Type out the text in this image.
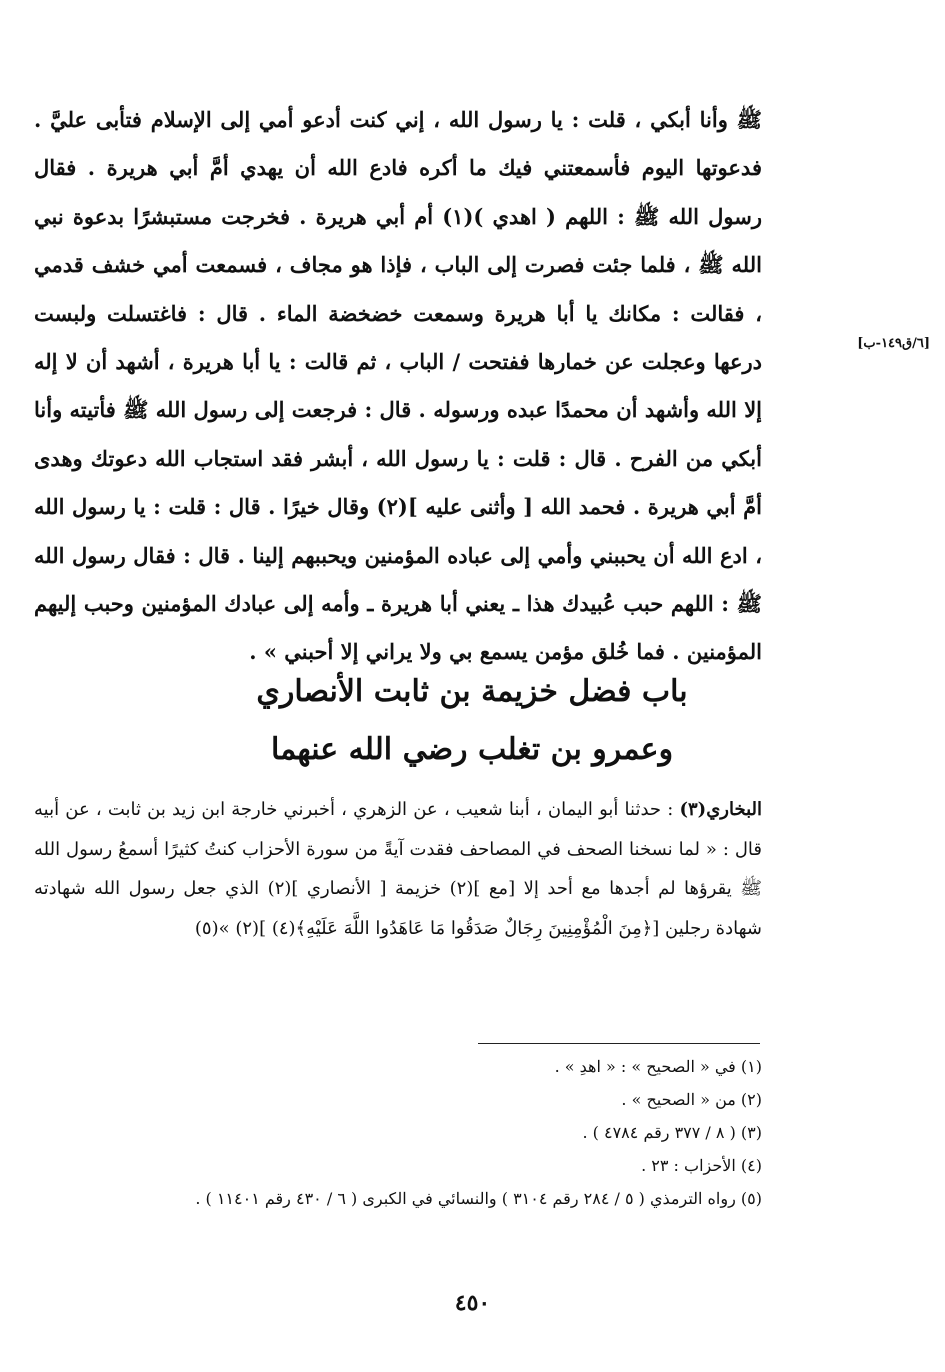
ﷺ وأنا أبكي ، قلت : يا رسول الله ، إني كنت أدعو أمي إلى الإسلام فتأبى عليَّ . فدعوتها اليوم فأسمعتني فيك ما أكره فادع الله أن يهدي أمَّ أبي هريرة . فقال رسول الله ﷺ : اللهم ( اهدي )(١) أم أبي هريرة . فخرجت مستبشرًا بدعوة نبي الله ﷺ ، فلما جئت فصرت إلى الباب ، فإذا هو مجاف ، فسمعت أمي خشف قدمي ، فقالت : مكانك يا أبا هريرة وسمعت خضخضة الماء . قال : فاغتسلت ولبست درعها وعجلت عن خمارها ففتحت / الباب ، ثم قالت : يا أبا هريرة ، أشهد أن لا إله إلا الله وأشهد أن محمدًا عبده ورسوله . قال : فرجعت إلى رسول الله ﷺ فأتيته وأنا أبكي من الفرح . قال : قلت : يا رسول الله ، أبشر فقد استجاب الله دعوتك وهدى أمَّ أبي هريرة . فحمد الله [ وأثنى عليه ](٢) وقال خيرًا . قال : قلت : يا رسول الله ، ادع الله أن يحببني وأمي إلى عباده المؤمنين ويحببهم إلينا . قال : فقال رسول الله ﷺ : اللهم حبب عُبيدك هذا ـ يعني أبا هريرة ـ وأمه إلى عبادك المؤمنين وحبب إليهم المؤمنين . فما خُلق مؤمن يسمع بي ولا يراني إلا أحبني » .

[٦/ق١٤٩-ب]
باب فضل خزيمة بن ثابت الأنصاري
وعمرو بن تغلب رضي الله عنهما

البخاري(٣) : حدثنا أبو اليمان ، أبنا شعيب ، عن الزهري ، أخبرني خارجة ابن زيد بن ثابت ، عن أبيه قال : « لما نسخنا الصحف في المصاحف فقدت آيةً من سورة الأحزاب كنتُ كثيرًا أسمعُ رسول الله ﷺ يقرؤها لم أجدها مع أحد إلا [مع ](٢) خزيمة [ الأنصاري ](٢) الذي جعل رسول الله شهادته شهادة رجلين [﴿مِنَ الْمُؤْمِنِينَ رِجَالٌ صَدَقُوا مَا عَاهَدُوا اللَّهَ عَلَيْهِ﴾(٤) ](٢) »(٥)

(١) في « الصحيح » : « اهدِ » .

(٢) من « الصحيح » .

(٣) ( ٨ / ٣٧٧ رقم ٤٧٨٤ ) .

(٤) الأحزاب : ٢٣ .

(٥) رواه الترمذي ( ٥ / ٢٨٤ رقم ٣١٠٤ ) والنسائي في الكبرى ( ٦ / ٤٣٠ رقم ١١٤٠١ ) .

٤٥٠
